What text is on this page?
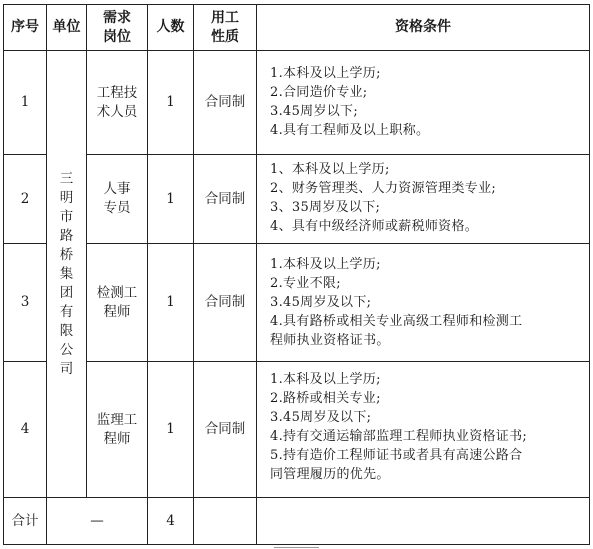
序号 单位
需求
岗位
人数
用工
性质
资格条件
三明市路桥集团有限公司
1
工程技
术人员
1 合同制
1.本科及以上学历;
2.合同造价专业;
3.45周岁以下;
4.具有工程师及以上职称。
2
人事
专员
1 合同制
1、本科及以上学历;
2、财务管理类、人力资源管理类专业;
3、35周岁及以下;
4、具有中级经济师或薪税师资格。
3
检测工
程师
1 合同制
1.本科及以上学历;
2.专业不限;
3.45周岁及以下;
4.具有路桥或相关专业高级工程师和检测工
程师执业资格证书。
4
监理工
程师
1 合同制
1.本科及以上学历;
2.路桥或相关专业;
3.45周岁及以下;
4.持有交通运输部监理工程师执业资格证书;
5.持有造价工程师证书或者具有高速公路合
同管理履历的优先。
合计	—	4
